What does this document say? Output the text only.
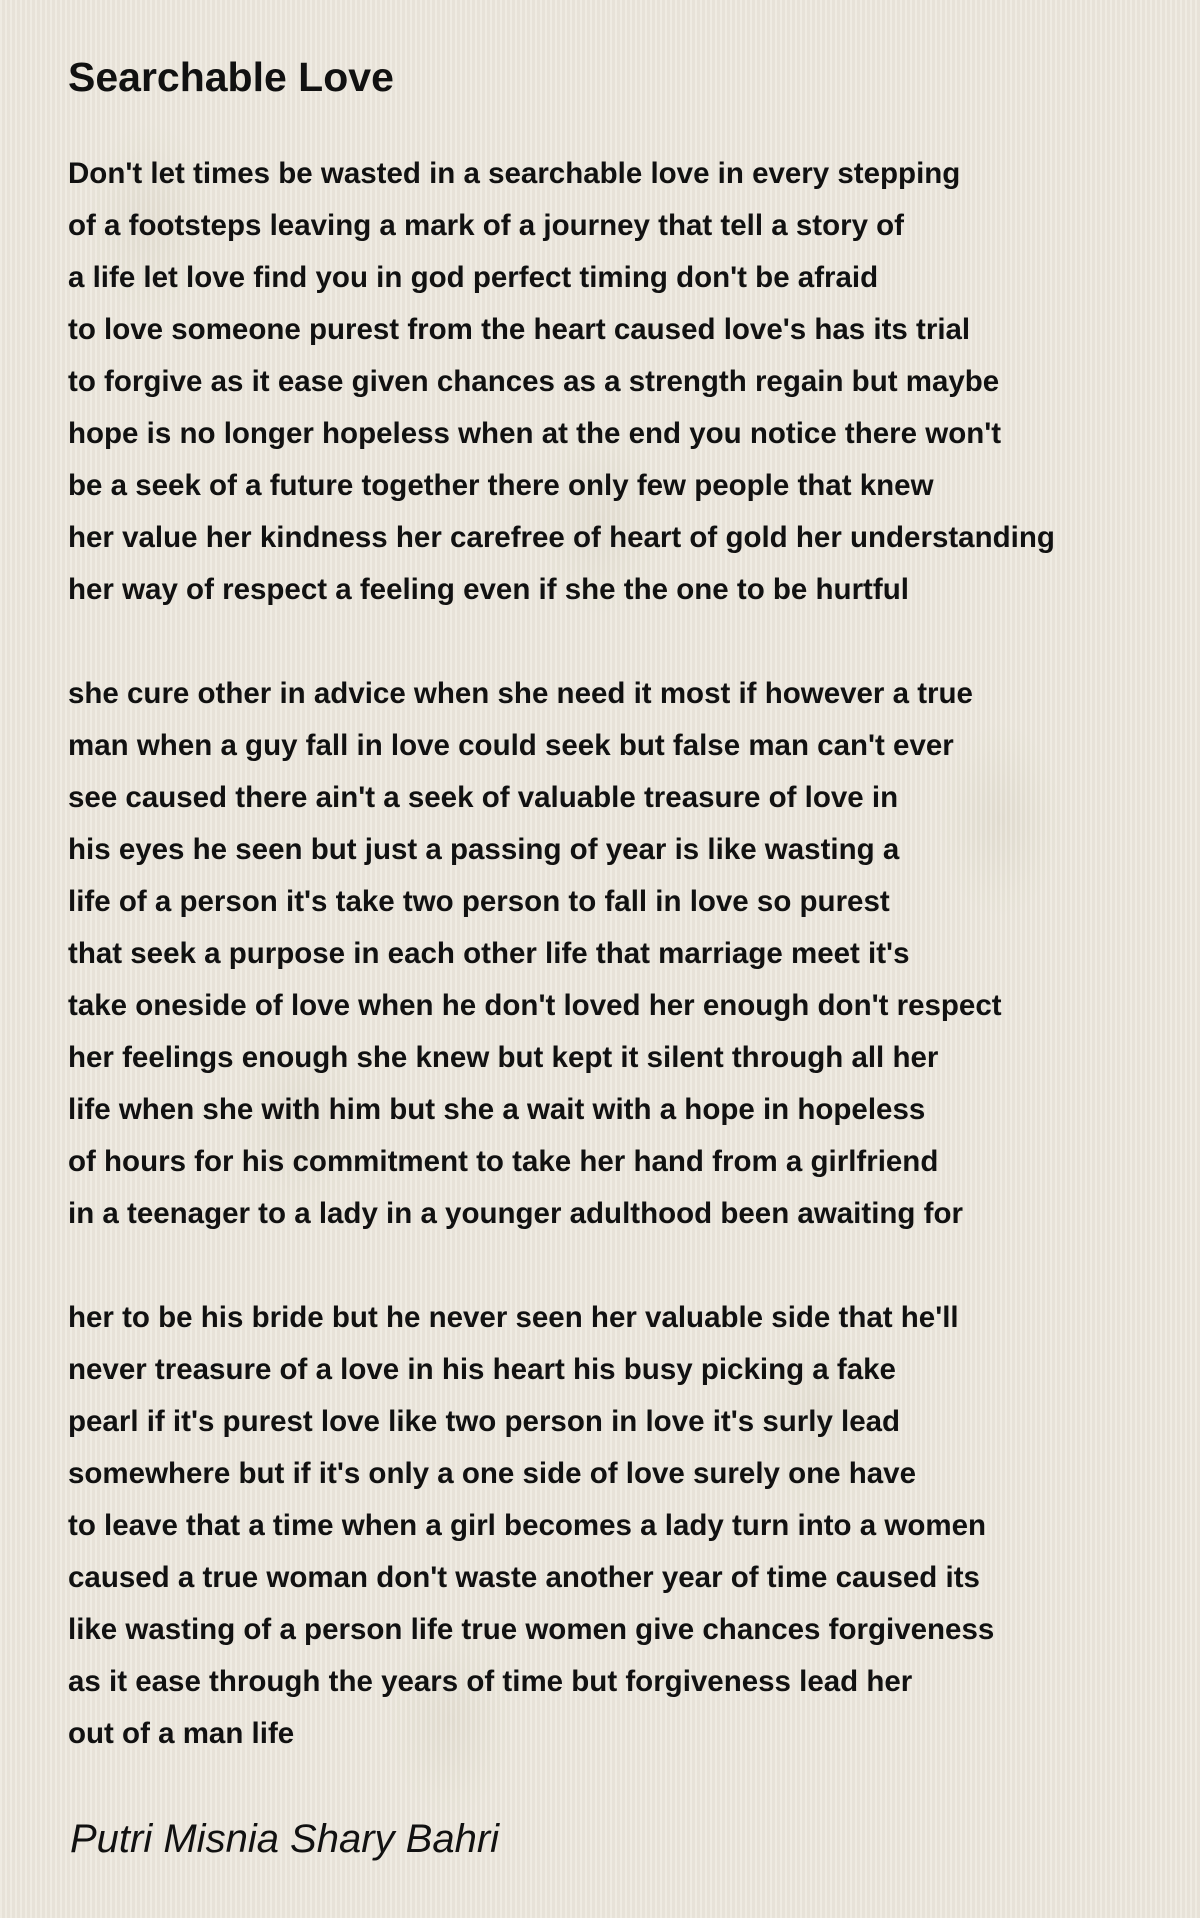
Searchable Love
Don't let times be wasted in a searchable love in every stepping
of a footsteps leaving a mark of a journey that tell a story of
a life let love find you in god perfect timing don't be afraid
to love someone purest from the heart caused love's has its trial
to forgive as it ease given chances as a strength regain but maybe
hope is no longer hopeless when at the end you notice there won't
be a seek of a future together there only few people that knew
her value her kindness her carefree of heart of gold her understanding
her way of respect a feeling even if she the one to be hurtful
she cure other in advice when she need it most if however a true
man when a guy fall in love could seek but false man can't ever
see caused there ain't a seek of valuable treasure of love in
his eyes he seen but just a passing of year is like wasting a
life of a person it's take two person to fall in love so purest
that seek a purpose in each other life that marriage meet it's
take oneside of love when he don't loved her enough don't respect
her feelings enough she knew but kept it silent through all her
life when she with him but she a wait with a hope in hopeless
of hours for his commitment to take her hand from a girlfriend
in a teenager to a lady in a younger adulthood been awaiting for
her to be his bride but he never seen her valuable side that he'll
never treasure of a love in his heart his busy picking a fake
pearl if it's purest love like two person in love it's surly lead
somewhere but if it's only a one side of love surely one have
to leave that a time when a girl becomes a lady turn into a women
caused a true woman don't waste another year of time caused its
like wasting of a person life true women give chances forgiveness
as it ease through the years of time but forgiveness lead her
out of a man life
Putri Misnia Shary Bahri
